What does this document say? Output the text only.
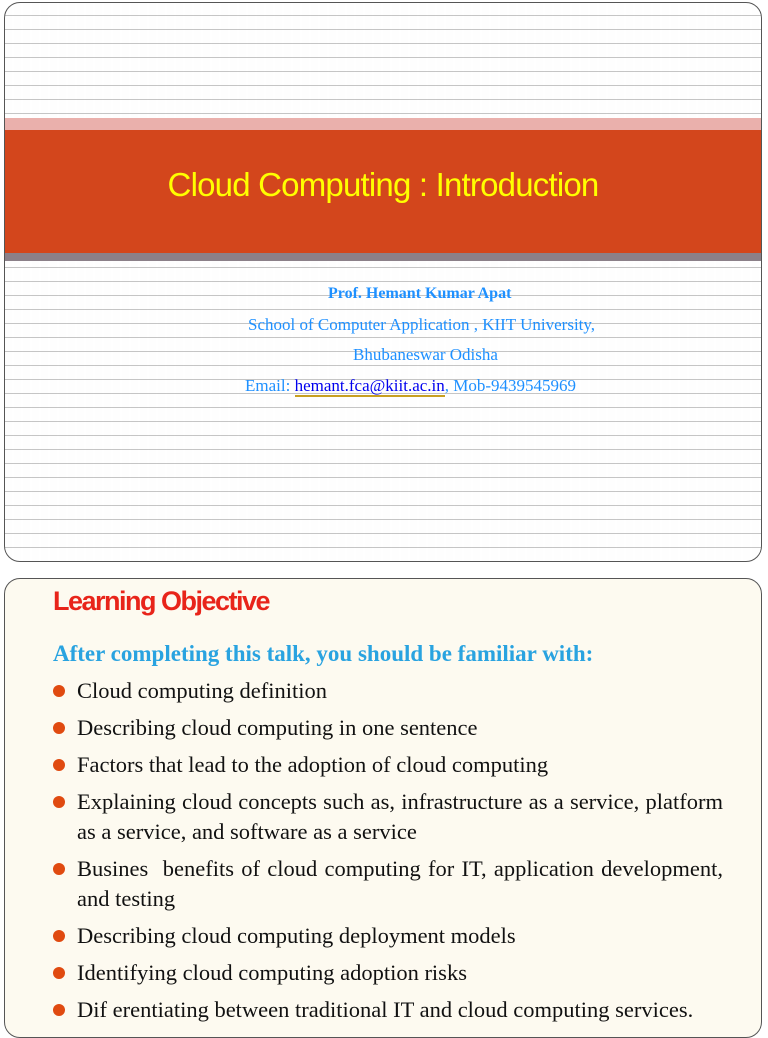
Cloud Computing : Introduction
Prof. Hemant Kumar Apat
School of Computer Application , KIIT University,
Bhubaneswar Odisha
Email: hemant.fca@kiit.ac.in, Mob-9439545969
Learning Objective
After completing this talk, you should be familiar with:
Cloud computing definition
Describing cloud computing in one sentence
Factors that lead to the adoption of cloud computing
Explaining cloud concepts such as, infrastructure as a service, platform as a service, and software as a service
Busines  benefits of cloud computing for IT, application development, and testing
Describing cloud computing deployment models
Identifying cloud computing adoption risks
Dif erentiating between traditional IT and cloud computing services.
